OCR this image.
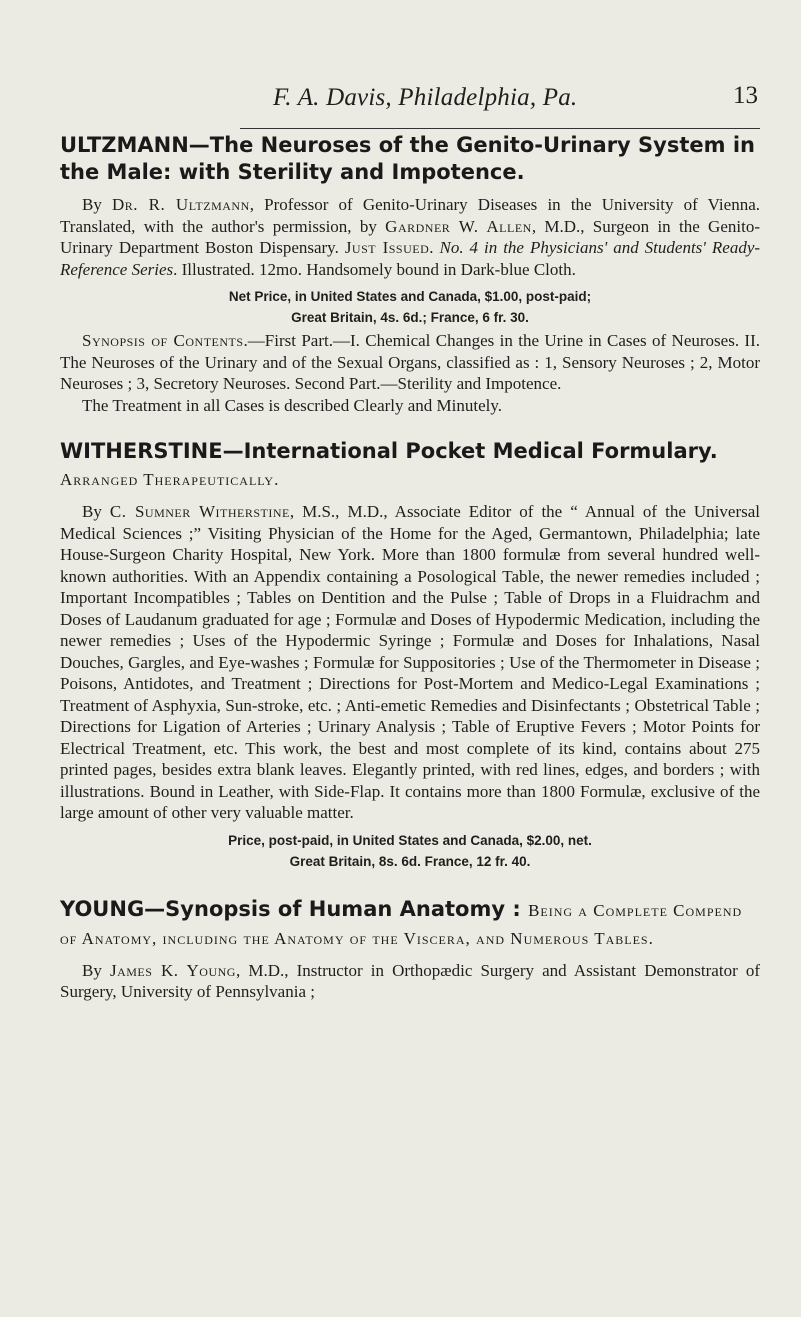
F. A. Davis, Philadelphia, Pa.	13

ULTZMANN—The Neuroses of the Genito-Urinary System in the Male: with Sterility and Impotence.

By Dr. R. Ultzmann, Professor of Genito-Urinary Diseases in the University of Vienna. Translated, with the author's permission, by Gardner W. Allen, M.D., Surgeon in the Genito-Urinary Department Boston Dispensary. Just Issued. No. 4 in the Physicians' and Students' Ready-Reference Series. Illustrated. 12mo. Handsomely bound in Dark-blue Cloth.

Net Price, in United States and Canada, $1.00, post-paid;
Great Britain, 4s. 6d.; France, 6 fr. 30.

Synopsis of Contents.—First Part.—I. Chemical Changes in the Urine in Cases of Neuroses. II. The Neuroses of the Urinary and of the Sexual Organs, classified as : 1, Sensory Neuroses ; 2, Motor Neuroses ; 3, Secretory Neuroses. Second Part.—Sterility and Impotence.

The Treatment in all Cases is described Clearly and Minutely.

WITHERSTINE—International Pocket Medical Formulary. Arranged Therapeutically.

By C. Sumner Witherstine, M.S., M.D., Associate Editor of the “ Annual of the Universal Medical Sciences ;” Visiting Physician of the Home for the Aged, Germantown, Philadelphia; late House-Surgeon Charity Hospital, New York. More than 1800 formulæ from several hundred well-known authorities. With an Appendix containing a Posological Table, the newer remedies included ; Important Incompatibles ; Tables on Dentition and the Pulse ; Table of Drops in a Fluidrachm and Doses of Laudanum graduated for age ; Formulæ and Doses of Hypodermic Medication, including the newer remedies ; Uses of the Hypodermic Syringe ; Formulæ and Doses for Inhalations, Nasal Douches, Gargles, and Eye-washes ; Formulæ for Suppositories ; Use of the Thermometer in Disease ; Poisons, Antidotes, and Treatment ; Directions for Post-Mortem and Medico-Legal Examinations ; Treatment of Asphyxia, Sun-stroke, etc. ; Anti-emetic Remedies and Disinfectants ; Obstetrical Table ; Directions for Ligation of Arteries ; Urinary Analysis ; Table of Eruptive Fevers ; Motor Points for Electrical Treatment, etc. This work, the best and most complete of its kind, contains about 275 printed pages, besides extra blank leaves. Elegantly printed, with red lines, edges, and borders ; with illustrations. Bound in Leather, with Side-Flap. It contains more than 1800 Formulæ, exclusive of the large amount of other very valuable matter.

Price, post-paid, in United States and Canada, $2.00, net.
Great Britain, 8s. 6d. France, 12 fr. 40.

YOUNG—Synopsis of Human Anatomy : Being a Complete Compend of Anatomy, including the Anatomy of the Viscera, and Numerous Tables.

By James K. Young, M.D., Instructor in Orthopædic Surgery and Assistant Demonstrator of Surgery, University of Pennsylvania ;
